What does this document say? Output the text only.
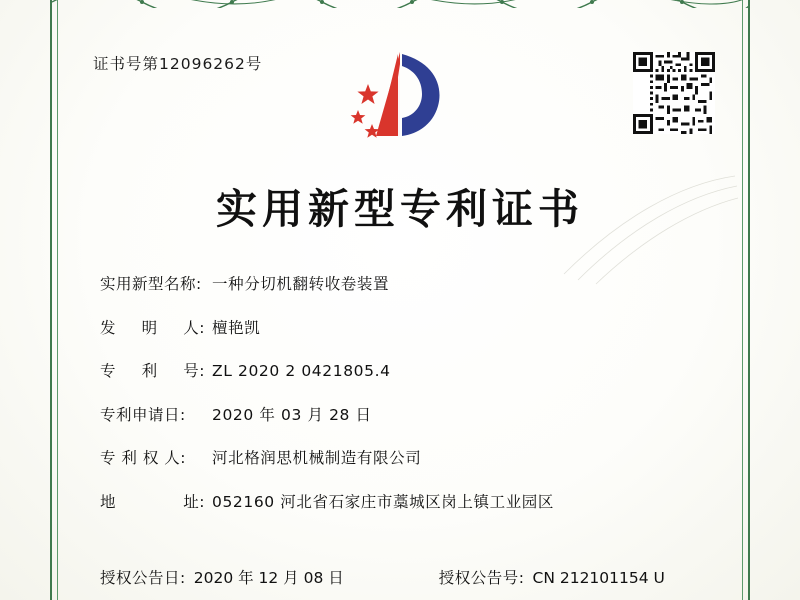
证书号第12096262号
实用新型专利证书
实用新型名称: 一种分切机翻转收卷装置
发 明 人: 檀艳凯
专 利 号: ZL 2020 2 0421805.4
专利申请日:	2020 年 03 月 28 日
专 利 权 人:	河北格润思机械制造有限公司
地	址: 052160 河北省石家庄市藁城区岗上镇工业园区
授权公告日: 2020 年 12 月 08 日	授权公告号: CN 212101154 U
